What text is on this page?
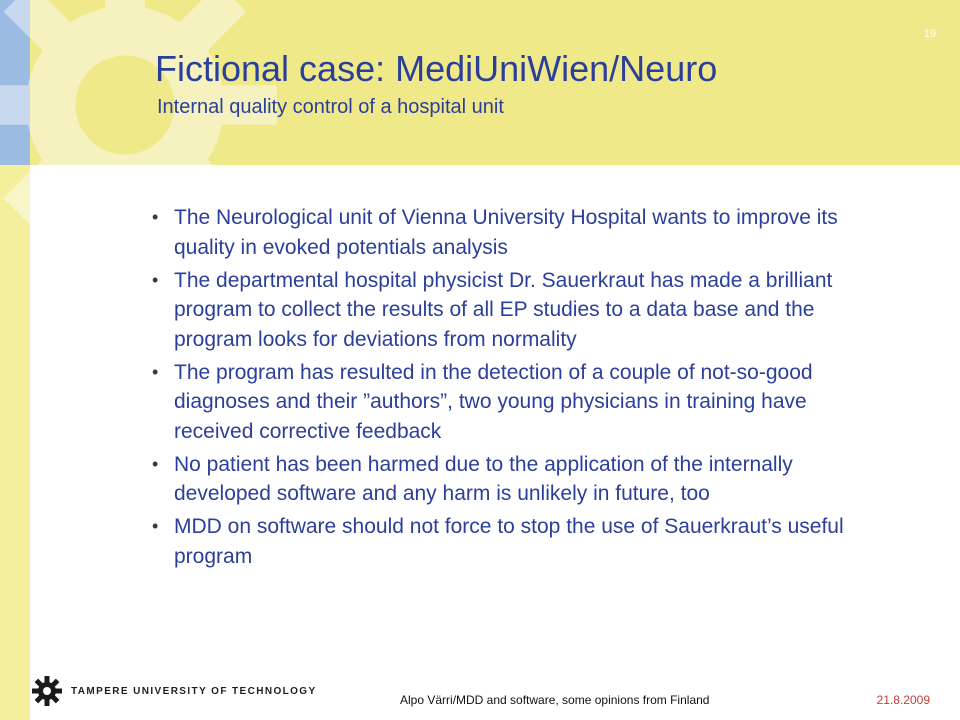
19
Fictional case: MediUniWien/Neuro
Internal quality control of a hospital unit
• The Neurological unit of Vienna University Hospital wants to improve its quality in evoked potentials analysis
• The departmental hospital physicist Dr. Sauerkraut has made a brilliant program to collect the results of all EP studies to a data base and the program looks for deviations from normality
• The program has resulted in the detection of a couple of not-so-good diagnoses and their ”authors”, two young physicians in training have received corrective feedback
• No patient has been harmed due to the application of the internally developed software and any harm is unlikely in future, too
• MDD on software should not force to stop the use of Sauerkraut’s useful program
TAMPERE UNIVERSITY OF TECHNOLOGY
Alpo Värri/MDD and software, some opinions from Finland	21.8.2009
